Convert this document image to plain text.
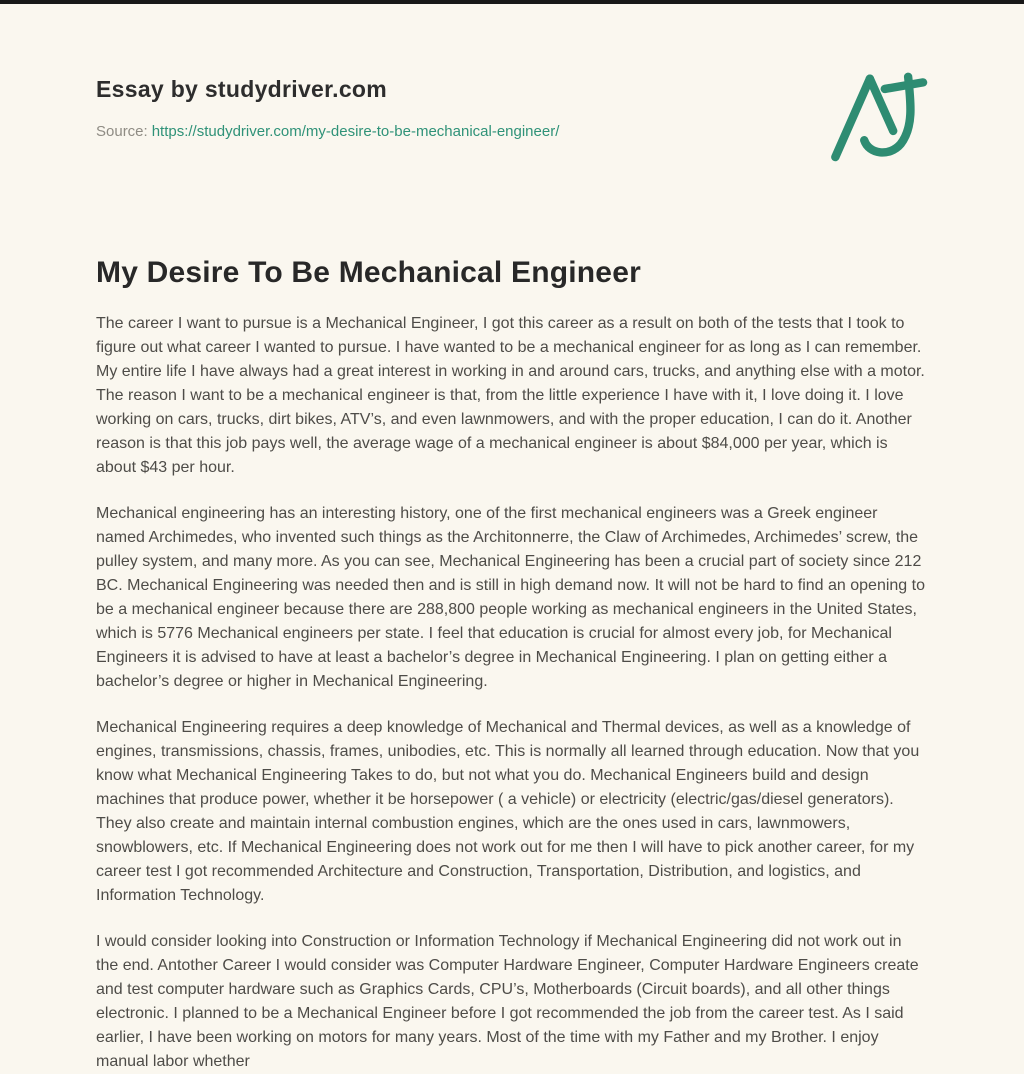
Essay by studydriver.com
Source: https://studydriver.com/my-desire-to-be-mechanical-engineer/
My Desire To Be Mechanical Engineer

The career I want to pursue is a Mechanical Engineer, I got this career as a result on both of the tests that I took to figure out what career I wanted to pursue. I have wanted to be a mechanical engineer for as long as I can remember. My entire life I have always had a great interest in working in and around cars, trucks, and anything else with a motor. The reason I want to be a mechanical engineer is that, from the little experience I have with it, I love doing it. I love working on cars, trucks, dirt bikes, ATV’s, and even lawnmowers, and with the proper education, I can do it. Another reason is that this job pays well, the average wage of a mechanical engineer is about $84,000 per year, which is about $43 per hour.

Mechanical engineering has an interesting history, one of the first mechanical engineers was a Greek engineer named Archimedes, who invented such things as the Architonnerre, the Claw of Archimedes, Archimedes’ screw, the pulley system, and many more. As you can see, Mechanical Engineering has been a crucial part of society since 212 BC. Mechanical Engineering was needed then and is still in high demand now. It will not be hard to find an opening to be a mechanical engineer because there are 288,800 people working as mechanical engineers in the United States, which is 5776 Mechanical engineers per state. I feel that education is crucial for almost every job, for Mechanical Engineers it is advised to have at least a bachelor’s degree in Mechanical Engineering. I plan on getting either a bachelor’s degree or higher in Mechanical Engineering.

Mechanical Engineering requires a deep knowledge of Mechanical and Thermal devices, as well as a knowledge of engines, transmissions, chassis, frames, unibodies, etc. This is normally all learned through education. Now that you know what Mechanical Engineering Takes to do, but not what you do. Mechanical Engineers build and design machines that produce power, whether it be horsepower ( a vehicle) or electricity (electric/gas/diesel generators). They also create and maintain internal combustion engines, which are the ones used in cars, lawnmowers, snowblowers, etc. If Mechanical Engineering does not work out for me then I will have to pick another career, for my career test I got recommended Architecture and Construction, Transportation, Distribution, and logistics, and Information Technology.

I would consider looking into Construction or Information Technology if Mechanical Engineering did not work out in the end. Antother Career I would consider was Computer Hardware Engineer, Computer Hardware Engineers create and test computer hardware such as Graphics Cards, CPU’s, Motherboards (Circuit boards), and all other things electronic. I planned to be a Mechanical Engineer before I got recommended the job from the career test. As I said earlier, I have been working on motors for many years. Most of the time with my Father and my Brother. I enjoy manual labor whether
